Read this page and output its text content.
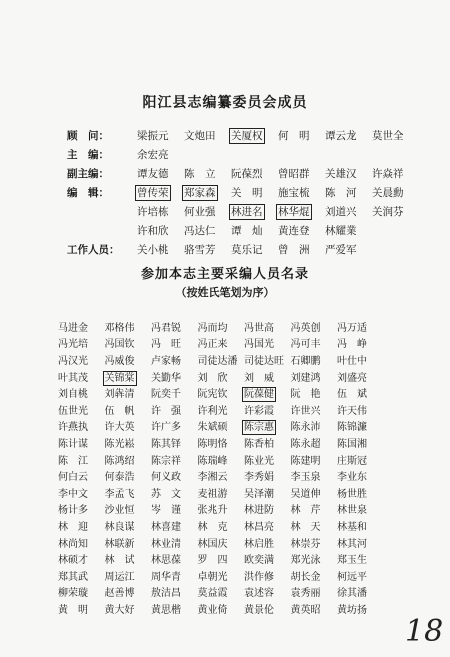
阳江县志编纂委员会成员
顾　问：	梁振元	文炮田	关厦权	何　明	谭云龙	莫世全
主　编：	余宏亮
副主编：	谭友德	陈　立	阮葆烈	曾昭群	关雄汉	许焱祥
编　辑：	曾传荣	郑家森	关　明	施宝梳	陈　河	关晨勳
许培栋	何业强	林进名	林华焜	刘道兴	关润芬
许和欣	冯达仁	谭　灿	黄连登	林耀業
工作人员：	关小桃	骆雪芳	莫乐记	曾　洲	严爱军
参加本志主要采编人员名录
（按姓氏笔划为序）
马进金	邓格伟	冯君锐	冯而均	冯世高	冯英创	冯万适
冯光培	冯国钦	冯　旺	冯正来	冯国光	冯可丰	冯　峥
冯汉光	冯威俊	卢家畅	司徒达潘 司徒达旺 石卿鹏	叶仕中
叶其茂	关锦棠	关勤华	刘　欣	刘　威	刘建鸿	刘盛亮
刘自桃	刘犇清	阮奕千	阮宪钦	阮葆健	阮　艳	伍　斌
伍世光	伍　帆	许　强	许利光	许彩霞	许世兴	许天伟
许燕执	许大英	许广多	朱斌硕	陈宗惠	陈永沛	陈锦濂
陈计谋	陈光崧	陈其铎	陈明恪	陈香柏	陈永超	陈国湘
陈　江	陈鸿绍	陈宗祥	陈瑞峰	陈业光	陈建明	庄斯冠
何白云	何泰浩	何义政	李湘云	李秀娟	李玉泉	李业东
李中文	李孟飞	苏　文	麦祖游	吴泽潮	吴道伸	杨世胜
杨计多	沙业恒	岑　谨	张兆升	林进防	林　芹	林世泉
林　迎	林良谋	林喜建	林　克	林昌亮	林　天	林基和
林尚知	林联新	林业清	林国庆	林启胜	林崇芬	林其河
林硕才	林　试	林思葆	罗　四	欧奕满	郑光泳	郑玉生
郑其武	周运江	周华青	卓朝光	洪作修	胡长金	柯远平
柳荣璇	赵善博	敖洁昌	莫益霞	袁述容	袁秀丽	徐其潘
黄　明	黄大好	黄思楷	黄业倚	黄景伦	黄英昭	黄坊扬
18
